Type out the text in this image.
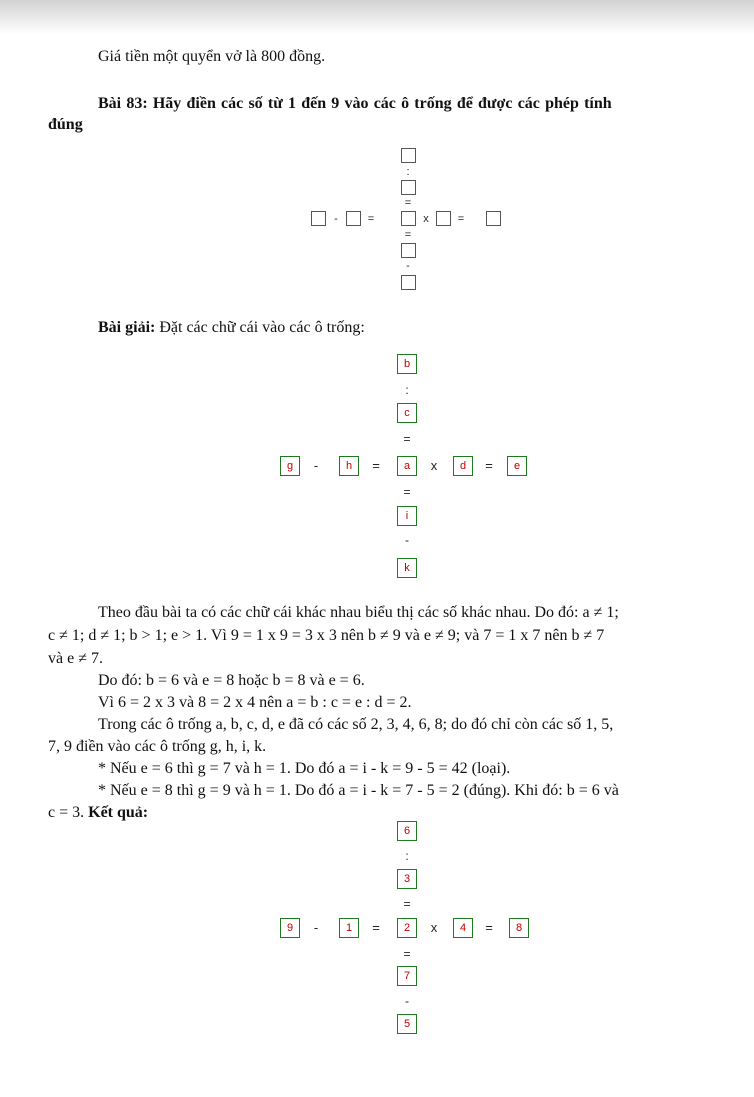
Giá tiền một quyển vở là 800 đồng.
Bài 83: Hãy điền các số từ 1 đến 9 vào các ô trống để được các phép tính
đúng
:
=
-	=	x	=
=
-
Bài giải: Đặt các chữ cái vào các ô trống:
b
:
c
=
g	-	h	=	a	x	d	=	e
=
i
-
k
Theo đầu bài ta có các chữ cái khác nhau biểu thị các số khác nhau. Do đó: a ≠ 1;
c ≠ 1; d ≠ 1; b > 1; e > 1. Vì 9 = 1 x 9 = 3 x 3 nên b ≠ 9 và e ≠ 9; và 7 = 1 x 7 nên b ≠ 7
và e ≠ 7.
Do đó: b = 6 và e = 8 hoặc b = 8 và e = 6.
Vì 6 = 2 x 3 và 8 = 2 x 4 nên a = b : c = e : d = 2.
Trong các ô trống a, b, c, d, e đã có các số 2, 3, 4, 6, 8; do đó chỉ còn các số 1, 5,
7, 9 điền vào các ô trống g, h, i, k.
* Nếu e = 6 thì g = 7 và h = 1. Do đó a = i - k = 9 - 5 = 42 (loại).
* Nếu e = 8 thì g = 9 và h = 1. Do đó a = i - k = 7 - 5 = 2 (đúng). Khi đó: b = 6 và
c = 3. Kết quả:
6
:
3
=
9	-	1	=	2	x	4	=	8
=
7
-
5
